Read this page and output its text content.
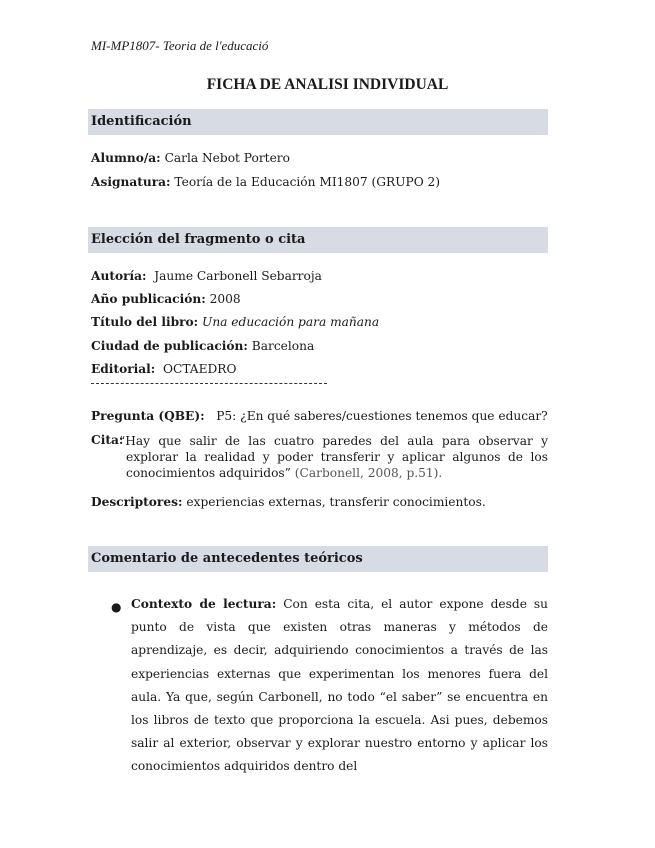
MI-MP1807- Teoria de l'educació
FICHA DE ANALISI INDIVIDUAL
Identificación
Alumno/a: Carla Nebot Portero
Asignatura: Teoría de la Educación MI1807 (GRUPO 2)
Elección del fragmento o cita
Autoría: Jaume Carbonell Sebarroja
Año publicación: 2008
Título del libro: Una educación para mañana
Ciudad de publicación: Barcelona
Editorial: OCTAEDRO
Pregunta (QBE): P5: ¿En qué saberes/cuestiones tenemos que educar?
Cita:
“Hay que salir de las cuatro paredes del aula para observar y explorar la realidad y poder transferir y aplicar algunos de los conocimientos adquiridos” (Carbonell, 2008, p.51).
Descriptores: experiencias externas, transferir conocimientos.
Comentario de antecedentes teóricos
● Contexto de lectura: Con esta cita, el autor expone desde su punto de vista que existen otras maneras y métodos de aprendizaje, es decir, adquiriendo conocimientos a través de las experiencias externas que experimentan los menores fuera del aula. Ya que, según Carbonell, no todo “el saber” se encuentra en los libros de texto que proporciona la escuela. Asi pues, debemos salir al exterior, observar y explorar nuestro entorno y aplicar los conocimientos adquiridos dentro del
